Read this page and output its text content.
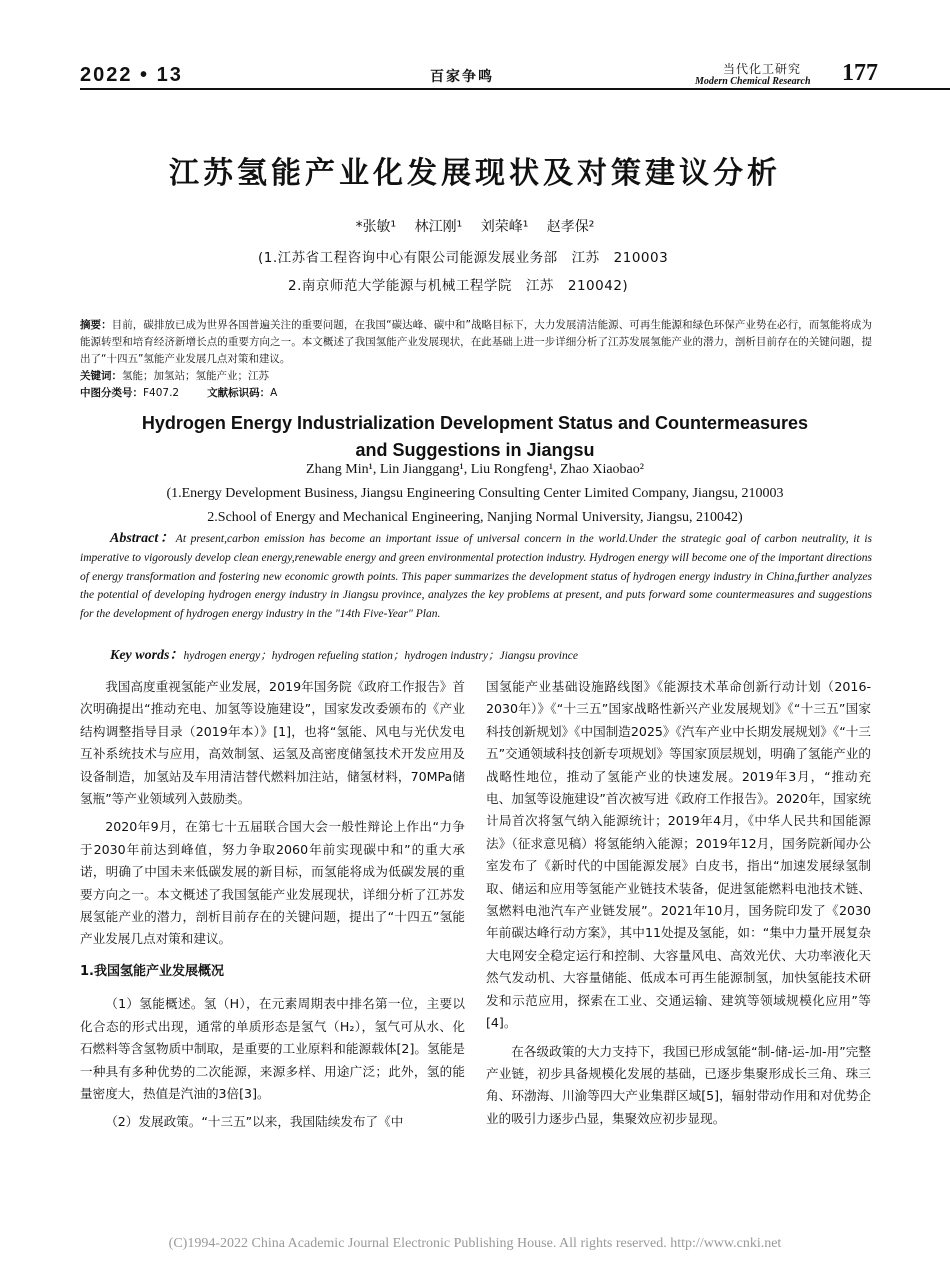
2022 • 13	百家争鸣	当代化工研究
Modern Chemical Research 177
江苏氢能产业化发展现状及对策建议分析
*张敏¹ 林江刚¹ 刘荣峰¹ 赵孝保²
(1.江苏省工程咨询中心有限公司能源发展业务部　江苏　210003
2.南京师范大学能源与机械工程学院　江苏　210042)

摘要：目前，碳排放已成为世界各国普遍关注的重要问题，在我国“碳达峰、碳中和”战略目标下，大力发展清洁能源、可再生能源和绿色环保产业势在必行，而氢能将成为能源转型和培育经济新增长点的重要方向之一。本文概述了我国氢能产业发展现状，在此基础上进一步详细分析了江苏发展氢能产业的潜力，剖析目前存在的关键问题，提出了“十四五”氢能产业发展几点对策和建议。

关键词：氢能；加氢站；氢能产业；江苏

中图分类号：F407.2	文献标识码：A

Hydrogen Energy Industrialization Development Status and Countermeasures
and Suggestions in Jiangsu
Zhang Min¹, Lin Jianggang¹, Liu Rongfeng¹, Zhao Xiaobao²
(1.Energy Development Business, Jiangsu Engineering Consulting Center Limited Company, Jiangsu, 210003
2.School of Energy and Mechanical Engineering, Nanjing Normal University, Jiangsu, 210042)
Abstract：At present,carbon emission has become an important issue of universal concern in the world.Under the strategic goal of carbon neutrality, it is imperative to vigorously develop clean energy,renewable energy and green environmental protection industry. Hydrogen energy will become one of the important directions of energy transformation and fostering new economic growth points. This paper summarizes the development status of hydrogen energy industry in China,further analyzes the potential of developing hydrogen energy industry in Jiangsu province, analyzes the key problems at present, and puts forward some countermeasures and suggestions for the development of hydrogen energy industry in the "14th Five-Year" Plan.
Key words：hydrogen energy；hydrogen refueling station；hydrogen industry；Jiangsu province

我国高度重视氢能产业发展，2019年国务院《政府工作报告》首次明确提出“推动充电、加氢等设施建设”，国家发改委颁布的《产业结构调整指导目录（2019年本）》[1]，也将“氢能、风电与光伏发电互补系统技术与应用，高效制氢、运氢及高密度储氢技术开发应用及设备制造，加氢站及车用清洁替代燃料加注站，储氢材料，70MPa储氢瓶”等产业领域列入鼓励类。

2020年9月，在第七十五届联合国大会一般性辩论上作出“力争于2030年前达到峰值，努力争取2060年前实现碳中和”的重大承诺，明确了中国未来低碳发展的新目标，而氢能将成为低碳发展的重要方向之一。本文概述了我国氢能产业发展现状，详细分析了江苏发展氢能产业的潜力，剖析目前存在的关键问题，提出了“十四五”氢能产业发展几点对策和建议。

1.我国氢能产业发展概况

（1）氢能概述。氢（H），在元素周期表中排名第一位，主要以化合态的形式出现，通常的单质形态是氢气（H₂），氢气可从水、化石燃料等含氢物质中制取，是重要的工业原料和能源载体[2]。氢能是一种具有多种优势的二次能源，来源多样、用途广泛；此外，氢的能量密度大，热值是汽油的3倍[3]。

（2）发展政策。“十三五”以来，我国陆续发布了《中

国氢能产业基础设施路线图》《能源技术革命创新行动计划（2016-2030年）》《“十三五”国家战略性新兴产业发展规划》《“十三五”国家科技创新规划》《中国制造2025》《汽车产业中长期发展规划》《“十三五”交通领域科技创新专项规划》等国家顶层规划，明确了氢能产业的战略性地位，推动了氢能产业的快速发展。2019年3月，“推动充电、加氢等设施建设”首次被写进《政府工作报告》。2020年，国家统计局首次将氢气纳入能源统计；2019年4月，《中华人民共和国能源法》（征求意见稿）将氢能纳入能源；2019年12月，国务院新闻办公室发布了《新时代的中国能源发展》白皮书，指出“加速发展绿氢制取、储运和应用等氢能产业链技术装备，促进氢能燃料电池技术链、氢燃料电池汽车产业链发展”。2021年10月，国务院印发了《2030年前碳达峰行动方案》，其中11处提及氢能，如：“集中力量开展复杂大电网安全稳定运行和控制、大容量风电、高效光伏、大功率液化天然气发动机、大容量储能、低成本可再生能源制氢，加快氢能技术研发和示范应用，探索在工业、交通运输、建筑等领域规模化应用”等[4]。

在各级政策的大力支持下，我国已形成氢能“制-储-运-加-用”完整产业链，初步具备规模化发展的基础，已逐步集聚形成长三角、珠三角、环渤海、川渝等四大产业集群区域[5]，辐射带动作用和对优势企业的吸引力逐步凸显，集聚效应初步显现。

(C)1994-2022 China Academic Journal Electronic Publishing House. All rights reserved. http://www.cnki.net
